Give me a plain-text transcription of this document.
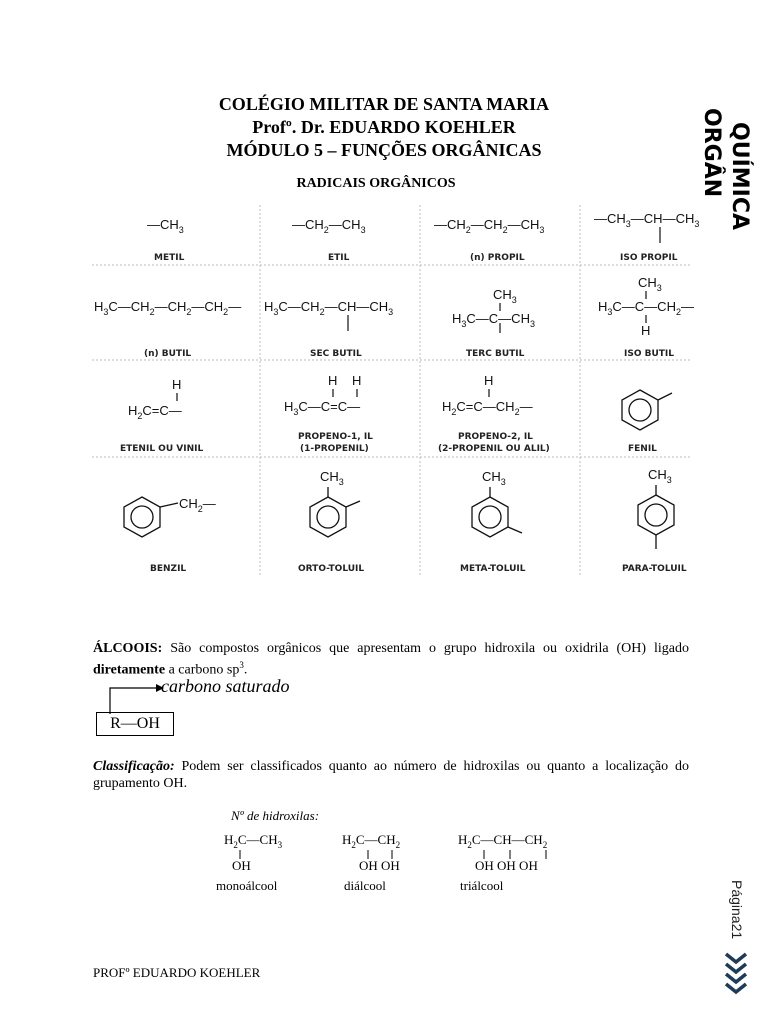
COLÉGIO MILITAR DE SANTA MARIA
Profº. Dr. EDUARDO KOEHLER
MÓDULO 5 – FUNÇÕES ORGÂNICAS
RADICAIS ORGÂNICOS	QUÍMICA
ORGÂN
$—CH_3$
METIL
$—CH_2—CH_3$
ETIL
$—CH_2—CH_2—CH_3$
(n) PROPIL
$—CH_3—CH—CH_3$
ISO PROPIL
$H_3C—CH_2—CH_2—CH_2—$
(n) BUTIL
$H_3C—CH_2—CH—CH_3$
SEC BUTIL
$CH_3$
$H_3C—C—CH_3$
TERC BUTIL
$CH_3$
$H_3C—C—CH_2—$
H
ISO BUTIL
H
$H_2C=C—$
ETENIL OU VINIL
H H
$H_3C—C=C—$
PROPENO-1, IL
(1-PROPENIL)
H
$H_2C=C—CH_2—$
PROPENO-2, IL
(2-PROPENIL OU ALIL)	FENIL
$CH_2—$
BENZIL
$CH_3$
ORTO-TOLUIL
$CH_3$
META-TOLUIL
$CH_3$
PARA-TOLUIL
ÁLCOOIS: São compostos orgânicos que apresentam o grupo hidroxila ou oxidrila (OH) ligado diretamente a carbono $sp^3$.
carbono saturado
R—OH
Classificação: Podem ser classificados quanto ao número de hidroxilas ou quanto a localização do grupamento OH.
Nº de hidroxilas:
$H_2C—CH_3$
OH
$H_2C—CH_2$
OH OH
$H_2C—CH—CH_2$
OH OH OH
monoálcool	diálcool	triálcool
PROFº EDUARDO KOEHLER
Página21
